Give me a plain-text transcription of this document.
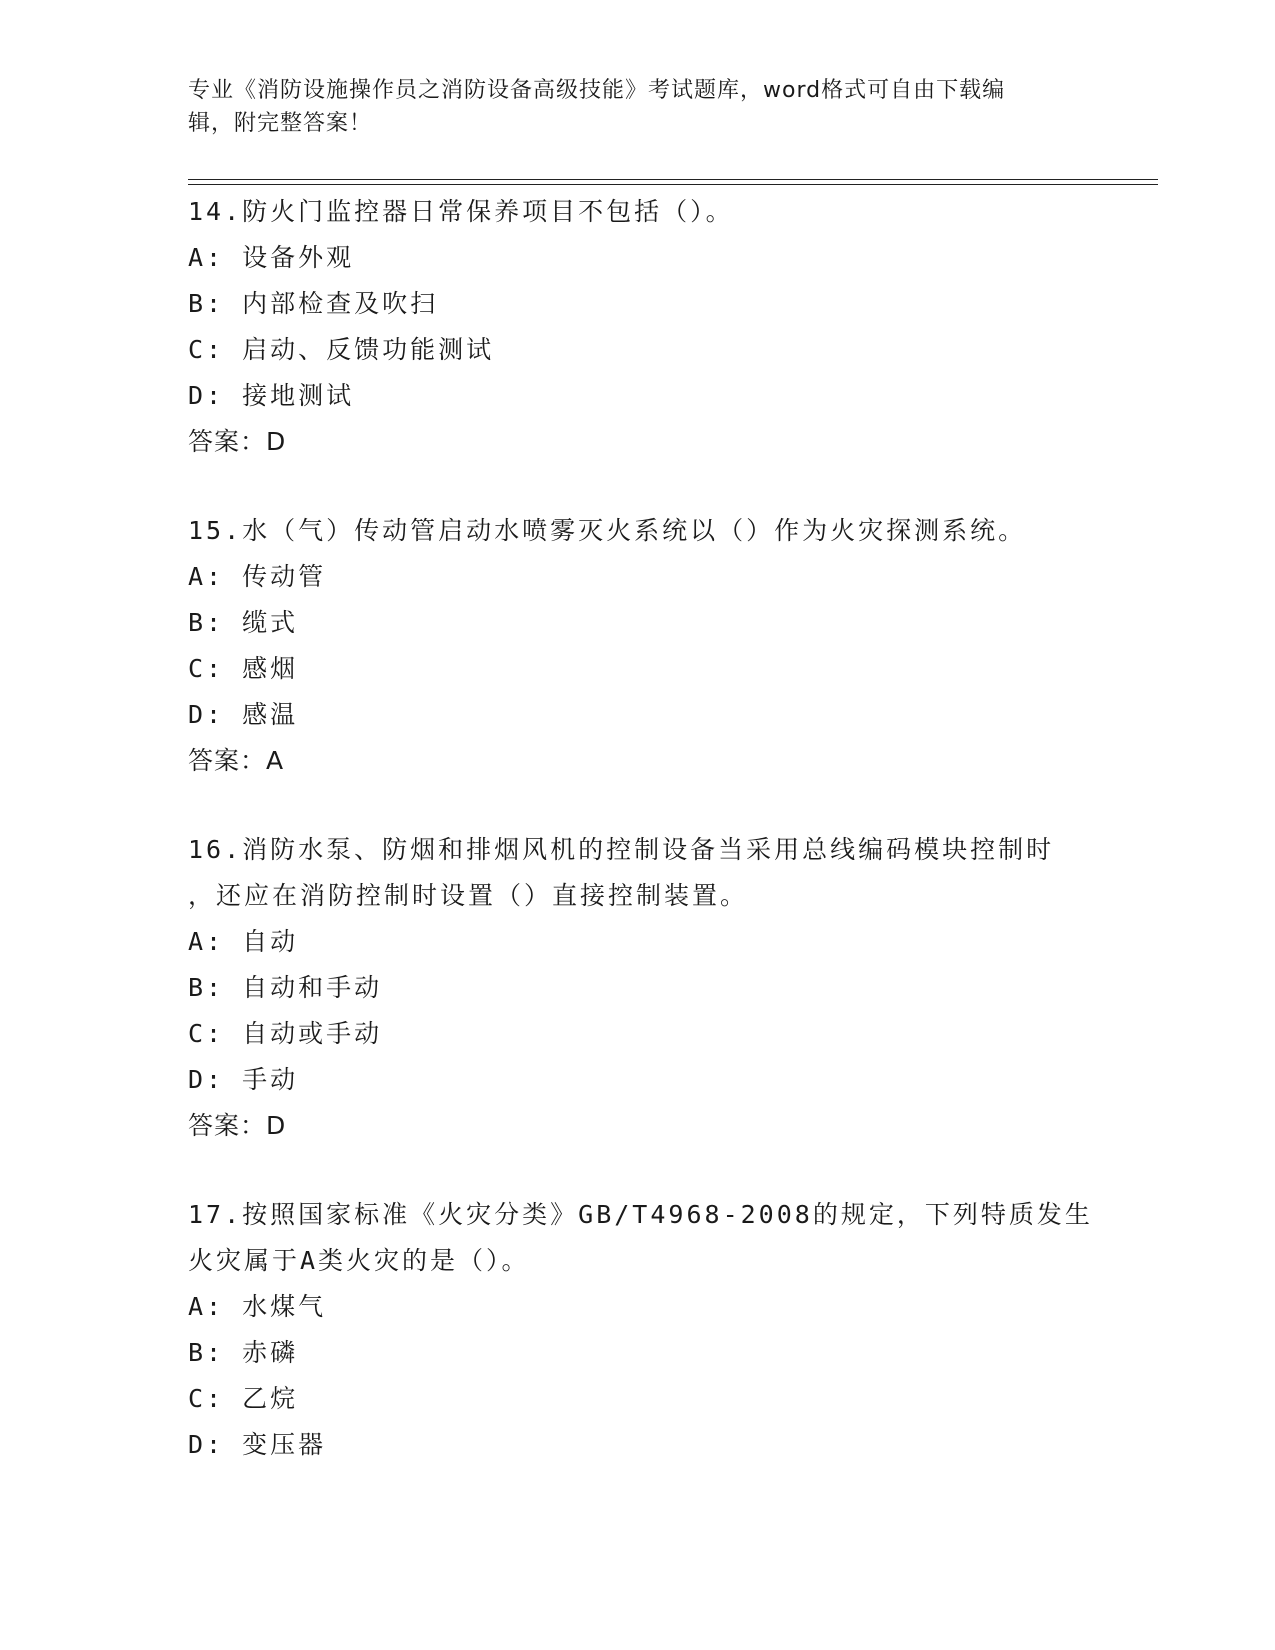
专业《消防设施操作员之消防设备高级技能》考试题库，word格式可自由下载编
辑，附完整答案！
14.防火门监控器日常保养项目不包括（）。
A: 设备外观
B: 内部检查及吹扫
C: 启动、反馈功能测试
D: 接地测试
答案：D
15.水（气）传动管启动水喷雾灭火系统以（）作为火灾探测系统。
A: 传动管
B: 缆式
C: 感烟
D: 感温
答案：A
16.消防水泵、防烟和排烟风机的控制设备当采用总线编码模块控制时
，还应在消防控制时设置（）直接控制装置。
A: 自动
B: 自动和手动
C: 自动或手动
D: 手动
答案：D
17.按照国家标准《火灾分类》GB/T4968-2008的规定，下列特质发生
火灾属于A类火灾的是（）。
A: 水煤气
B: 赤磷
C: 乙烷
D: 变压器
